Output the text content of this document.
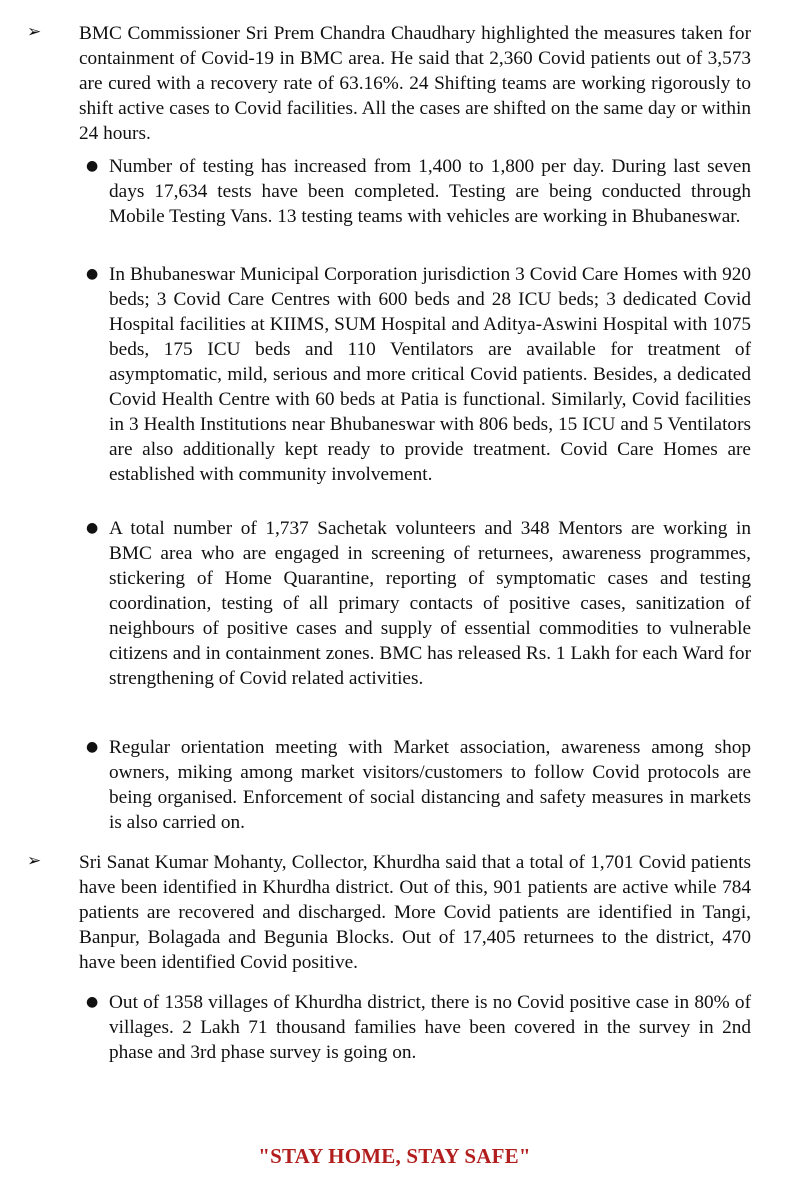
➢ BMC Commissioner Sri Prem Chandra Chaudhary highlighted the measures taken for containment of Covid-19 in BMC area. He said that 2,360 Covid patients out of 3,573 are cured with a recovery rate of 63.16%. 24 Shifting teams are working rigorously to shift active cases to Covid facilities. All the cases are shifted on the same day or within 24 hours.

● Number of testing has increased from 1,400 to 1,800 per day. During last seven days 17,634 tests have been completed. Testing are being conducted through Mobile Testing Vans. 13 testing teams with vehicles are working in Bhubaneswar.

● In Bhubaneswar Municipal Corporation jurisdiction 3 Covid Care Homes with 920 beds; 3 Covid Care Centres with 600 beds and 28 ICU beds; 3 dedicated Covid Hospital facilities at KIIMS, SUM Hospital and Aditya-Aswini Hospital with 1075 beds, 175 ICU beds and 110 Ventilators are available for treatment of asymptomatic, mild, serious and more critical Covid patients. Besides, a dedicated Covid Health Centre with 60 beds at Patia is functional. Similarly, Covid facilities in 3 Health Institutions near Bhubaneswar with 806 beds, 15 ICU and 5 Ventilators are also additionally kept ready to provide treatment. Covid Care Homes are established with community involvement.

● A total number of 1,737 Sachetak volunteers and 348 Mentors are working in BMC area who are engaged in screening of returnees, awareness programmes, stickering of Home Quarantine, reporting of symptomatic cases and testing coordination, testing of all primary contacts of positive cases, sanitization of neighbours of positive cases and supply of essential commodities to vulnerable citizens and in containment zones. BMC has released Rs. 1 Lakh for each Ward for strengthening of Covid related activities.

● Regular orientation meeting with Market association, awareness among shop owners, miking among market visitors/customers to follow Covid protocols are being organised. Enforcement of social distancing and safety measures in markets is also carried on.

➢ Sri Sanat Kumar Mohanty, Collector, Khurdha said that a total of 1,701 Covid patients have been identified in Khurdha district. Out of this, 901 patients are active while 784 patients are recovered and discharged. More Covid patients are identified in Tangi, Banpur, Bolagada and Begunia Blocks. Out of 17,405 returnees to the district, 470 have been identified Covid positive.

● Out of 1358 villages of Khurdha district, there is no Covid positive case in 80% of villages. 2 Lakh 71 thousand families have been covered in the survey in 2nd phase and 3rd phase survey is going on.

"STAY HOME, STAY SAFE"
